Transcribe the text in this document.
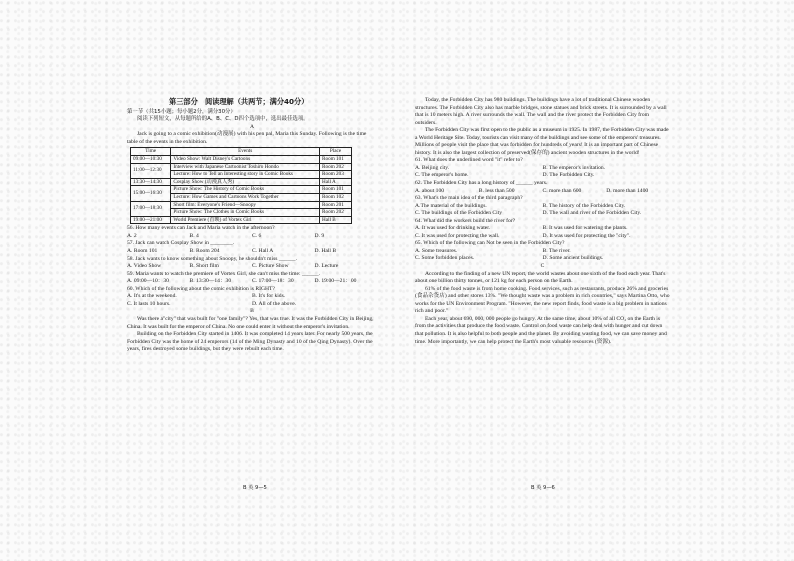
第三部分　阅读理解（共两节；满分40分）
第一节（共15小题；每小题2分，满分30分）
阅读下列短文，从每题所给的A、B、C、D四个选项中，选出最佳选项。
A
Jack is going to a comic exhibition(动漫展) with his pen pal, Maria this Sunday. Following is the time table of the events in the exhibition.
Time	Events	Place
09:00—10:30	Video Show: Walt Disney's Cartoons	Room 101
11:00—12:30	Interview with Japanese Cartoonist Toshiro Hondo	Room 202
	Lecture: How to Tell an Interesting story in Comic Books	Room 203
13:30—14:30	Cosplay Show (动漫真人秀)	Hall A
15:00—16:30	Picture Show: The History of Comic Books	Room 101
	Lecture: How Games and Cartoons Work Together	Room 102
17:00—18:30	Short film: Everyone's Friend—Snoopy	Room 201
	Picture Show: The Clothes in Comic Books	Room 202
19:00—21:00	World Premiere (首映) of Vortex Girl	Hall B
56. How many events can Jack and Maria watch in the afternoon?
A. 2	B. 4	C. 6	D. 9
57. Jack can watch Cosplay Show in ________.
A. Room 101	B. Room 204	C. Hall A	D. Hall B
58. Jack wants to know something about Snoopy, he shouldn't miss ______.
A. Video Show	B. Short film	C. Picture Show	D. Lecture
59. Maria wants to watch the premiere of Vortex Girl, she can't miss the time: ______.
A. 09:00—10：30	B. 13:30—14：30	C. 17:00—18：30	D. 19:00—21：00
60. Which of the following about the comic exhibition is RIGHT?
A. It's at the weekend.	B. It's for kids.
C. It lasts 10 hours.	D. All of the above.
B
Was there a"city" that was built for "one family"? Yes, that was true. It was the Forbidden City in Beijing, China. It was built for the emperor of China. No one could enter it without the emperor's invitation.
Building on the Forbidden City started in 1406. It was completed 14 years later. For nearly 500 years, the Forbidden City was the home of 24 emperors (14 of the Ming Dynasty and 10 of the Qing Dynasty). Over the years, fires destroyed some buildings, but they were rebuilt each time.
Today, the Forbidden City has 980 buildings. The buildings have a lot of traditional Chinese wooden structures. The Forbidden City also has marble bridges, stone statues and brick streets. It is surrounded by a wall that is 10 meters high. A river surrounds the wall. The wall and the river protect the Forbidden City from outsiders.
The Forbidden City was first open to the public as a museum in 1925. In 1987, the Forbidden City was made a World Heritage Site. Today, tourists can visit many of the buildings and see some of the emperors' treasures. Millions of people visit the place that was forbidden for hundreds of years! It is an important part of Chinese history. It is also the largest collection of preserved(保存的) ancient wooden structures in the world!
61. What does the underlined word "it" refer to?
A. Beijing city.	B. The emperor's invitation.
C. The emperor's home.	D. The Forbidden City.
62. The Forbidden City has a long history of ______ years.
A. about 100	B. less than 500	C. more than 600	D. more than 1400
63. What's the main idea of the third paragraph?
A.The material of the buildings.	B. The history of the Forbidden City.
C. The buildings of the Forbidden City	D. The wall and river of the Forbidden City.
64. What did the workers build the river for?
A. It was used for drinking water.	B. It was used for watering the plants.
C. It was used for protecting the wall.	D. It was used for protecting the "city".
65. Which of the following can Not be seen in the Forbidden City?
A. Some treasures.	B. The river.
C. Some forbidden places.	D. Some ancient buildings.
C
According to the finding of a new UN report, the world wastes about one sixth of the food each year. That's about one billion thirty tonnes, or 121 kg for each person on the Earth.
61% of the food waste is from home cooking. Food services, such as restaurants, produce 26% and groceries (食品杂货店) and other stores 13%. "We thought waste was a problem in rich countries," says Martina Otto, who works for the UN Environment Program. "However, the new report finds, food waste is a big problem in nations rich and poor."
Each year, about 690, 000, 000 people go hungry. At the same time, about 10% of all CO₂ on the Earth is from the activities that produce the food waste. Control on food waste can help deal with hunger and cut down that pollution. It is also helpful to both people and the planet. By avoiding wasting food, we can save money and time. More importantly, we can help protect the Earth's most valuable resources (资源).
B 英 9—5	B 英 9—6
